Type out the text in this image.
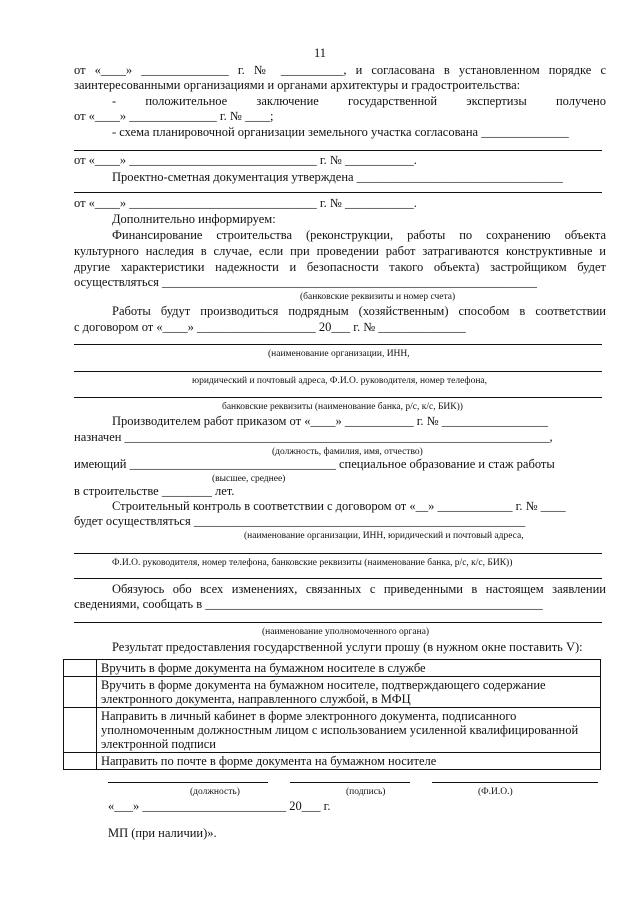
11
от «____» ______________ г. № __________, и согласована в установленном порядке с
заинтересованными организациями и органами архитектуры и градостроительства:
- положительное заключение государственной экспертизы получено
от «____» ______________ г. № ____;
- схема планировочной организации земельного участка согласована ______________
от «____» ______________________________ г. № ___________.
Проектно-сметная документация утверждена _________________________________
от «____» ______________________________ г. № ___________.
Дополнительно информируем:
Финансирование строительства (реконструкции, работы по сохранению объекта
культурного наследия в случае, если при проведении работ затрагиваются конструктивные и
другие характеристики надежности и безопасности такого объекта) застройщиком будет
осуществляться ____________________________________________________________
(банковские реквизиты и номер счета)
Работы будут производиться подрядным (хозяйственным) способом в соответствии
с договором от «____» ___________________ 20___ г. № ______________
(наименование организации, ИНН,
юридический и почтовый адреса, Ф.И.О. руководителя, номер телефона,
банковские реквизиты (наименование банка, р/с, к/с, БИК))
Производителем работ приказом от «____» ___________ г. № _________________
назначен ____________________________________________________________________,
(должность, фамилия, имя, отчество)
имеющий _________________________________ специальное образование и стаж работы
(высшее, среднее)
в строительстве ________ лет.
Строительный контроль в соответствии с договором от «__» ____________ г. № ____
будет осуществляться _____________________________________________________
(наименование организации, ИНН, юридический и почтовый адреса,
Ф.И.О. руководителя, номер телефона, банковские реквизиты (наименование банка, р/с, к/с, БИК))
Обязуюсь обо всех изменениях, связанных с приведенными в настоящем заявлении
сведениями, сообщать в ______________________________________________________
(наименование уполномоченного органа)
Результат предоставления государственной услуги прошу (в нужном окне поставить V):
	Вручить в форме документа на бумажном носителе в службе
	Вручить в форме документа на бумажном носителе, подтверждающего содержание электронного документа, направленного службой, в МФЦ
	Направить в личный кабинет в форме электронного документа, подписанного уполномоченным должностным лицом с использованием усиленной квалифицированной электронной подписи
	Направить по почте в форме документа на бумажном носителе
(должность)	(подпись)	(Ф.И.О.)
«___» _______________________ 20___ г.
МП (при наличии)».
